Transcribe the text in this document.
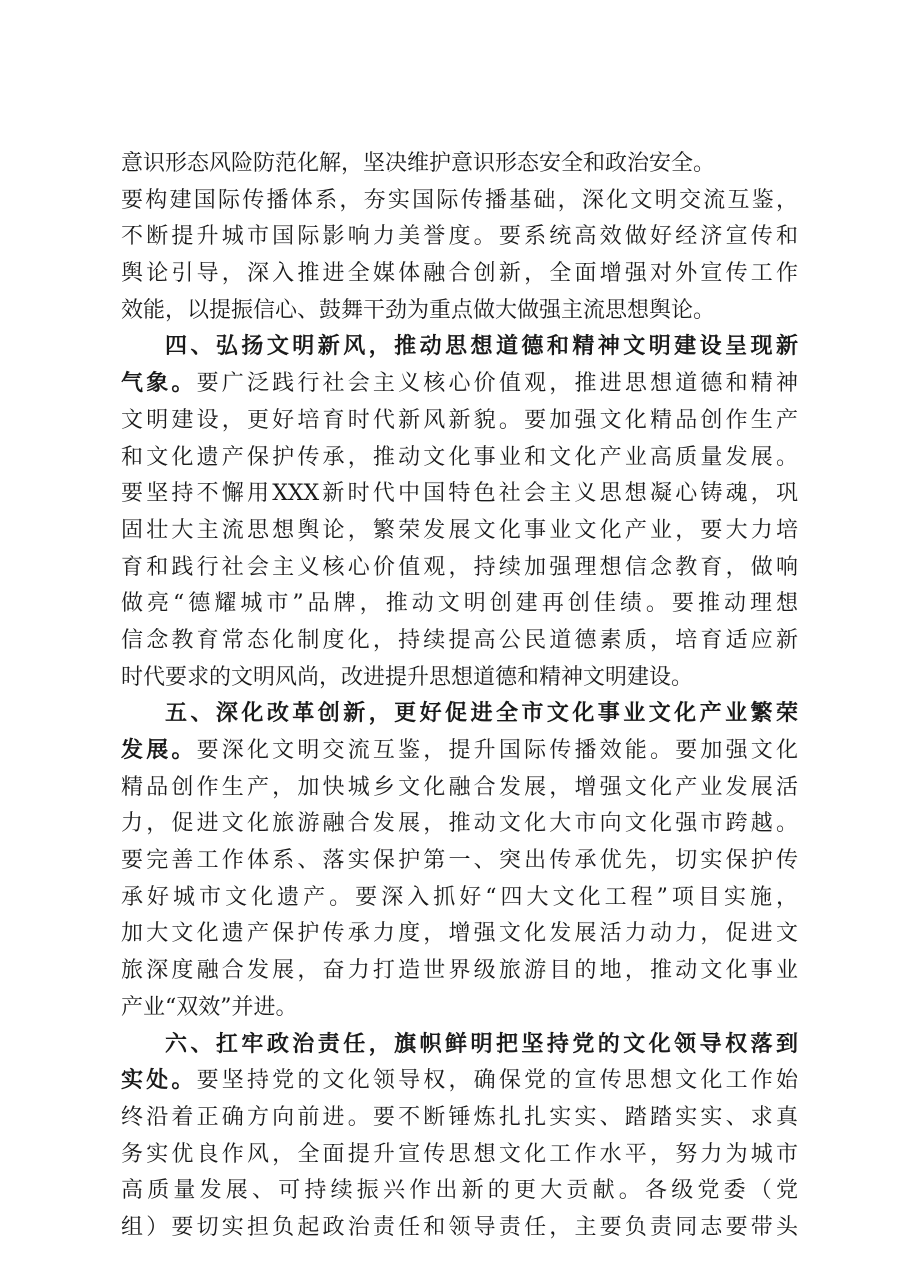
意识形态风险防范化解，坚决维护意识形态安全和政治安全。
要构建国际传播体系，夯实国际传播基础，深化文明交流互鉴，
不断提升城市国际影响力美誉度。要系统高效做好经济宣传和
舆论引导，深入推进全媒体融合创新，全面增强对外宣传工作
效能，以提振信心、鼓舞干劲为重点做大做强主流思想舆论。
四、弘扬文明新风，推动思想道德和精神文明建设呈现新
气象。要广泛践行社会主义核心价值观，推进思想道德和精神
文明建设，更好培育时代新风新貌。要加强文化精品创作生产
和文化遗产保护传承，推动文化事业和文化产业高质量发展。
要坚持不懈用XXX新时代中国特色社会主义思想凝心铸魂，巩
固壮大主流思想舆论，繁荣发展文化事业文化产业，要大力培
育和践行社会主义核心价值观，持续加强理想信念教育，做响
做亮“德耀城市”品牌，推动文明创建再创佳绩。要推动理想
信念教育常态化制度化，持续提高公民道德素质，培育适应新
时代要求的文明风尚，改进提升思想道德和精神文明建设。
五、深化改革创新，更好促进全市文化事业文化产业繁荣
发展。要深化文明交流互鉴，提升国际传播效能。要加强文化
精品创作生产，加快城乡文化融合发展，增强文化产业发展活
力，促进文化旅游融合发展，推动文化大市向文化强市跨越。
要完善工作体系、落实保护第一、突出传承优先，切实保护传
承好城市文化遗产。要深入抓好“四大文化工程”项目实施，
加大文化遗产保护传承力度，增强文化发展活力动力，促进文
旅深度融合发展，奋力打造世界级旅游目的地，推动文化事业
产业“双效”并进。
六、扛牢政治责任，旗帜鲜明把坚持党的文化领导权落到
实处。要坚持党的文化领导权，确保党的宣传思想文化工作始
终沿着正确方向前进。要不断锤炼扎扎实实、踏踏实实、求真
务实优良作风，全面提升宣传思想文化工作水平，努力为城市
高质量发展、可持续振兴作出新的更大贡献。各级党委（党
组）要切实担负起政治责任和领导责任，主要负责同志要带头
